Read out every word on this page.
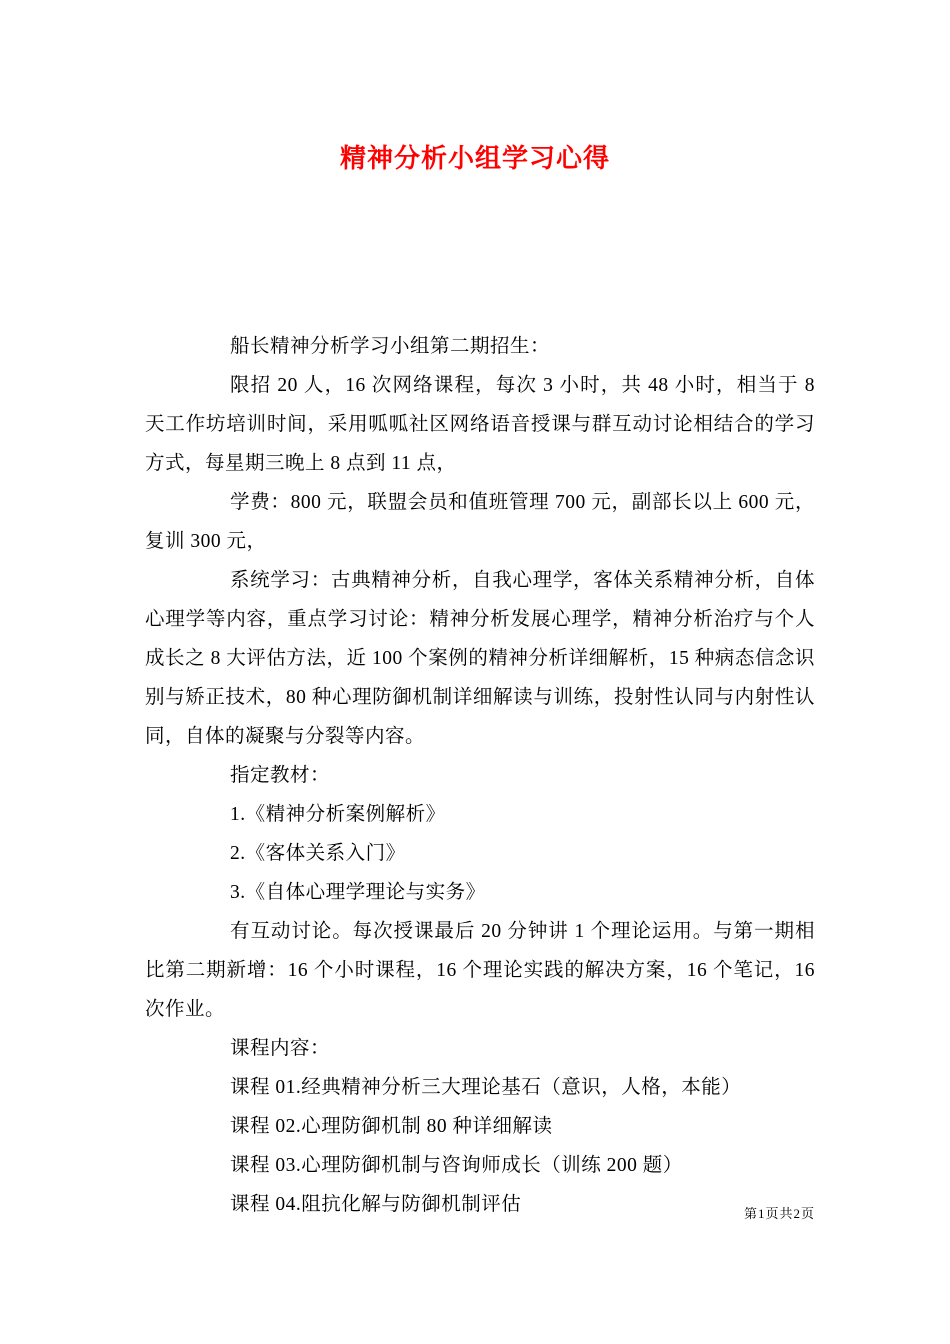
精神分析小组学习心得

船长精神分析学习小组第二期招生：

限招 20 人，16 次网络课程，每次 3 小时，共 48 小时，相当于 8 天工作坊培训时间，采用呱呱社区网络语音授课与群互动讨论相结合的学习方式，每星期三晚上 8 点到 11 点，

学费：800 元，联盟会员和值班管理 700 元，副部长以上 600 元，复训 300 元，

系统学习：古典精神分析，自我心理学，客体关系精神分析，自体心理学等内容，重点学习讨论：精神分析发展心理学，精神分析治疗与个人成长之 8 大评估方法，近 100 个案例的精神分析详细解析，15 种病态信念识别与矫正技术，80 种心理防御机制详细解读与训练，投射性认同与内射性认同，自体的凝聚与分裂等内容。

指定教材：

1.《精神分析案例解析》

2.《客体关系入门》

3.《自体心理学理论与实务》

有互动讨论。每次授课最后 20 分钟讲 1 个理论运用。与第一期相比第二期新增：16 个小时课程，16 个理论实践的解决方案，16 个笔记，16 次作业。

课程内容：

课程 01.经典精神分析三大理论基石（意识，人格，本能）

课程 02.心理防御机制 80 种详细解读

课程 03.心理防御机制与咨询师成长（训练 200 题）

课程 04.阻抗化解与防御机制评估	第1页共2页
